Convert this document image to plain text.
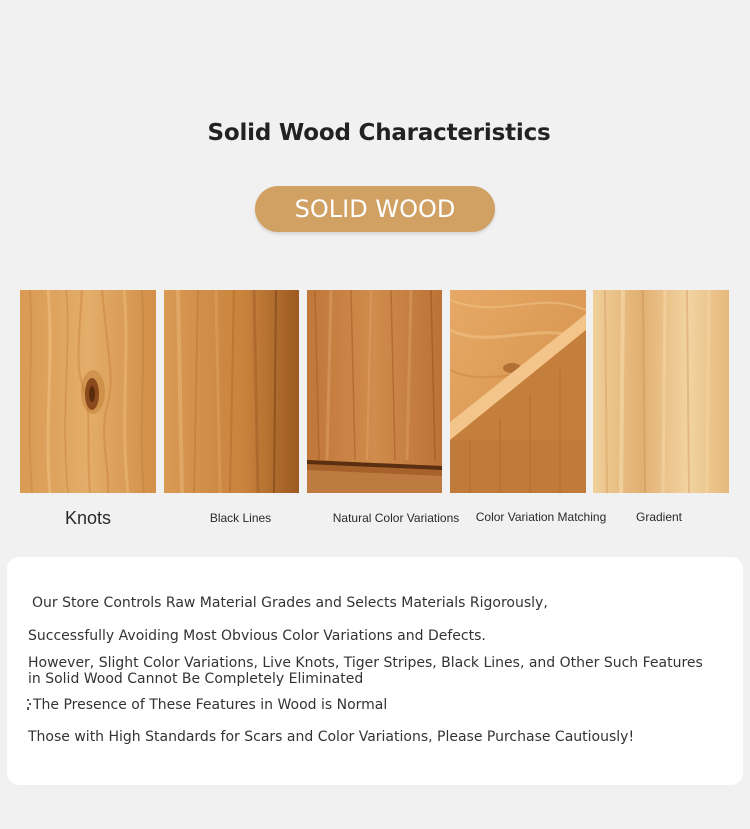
Solid Wood Characteristics
SOLID WOOD
Knots	Black Lines	Natural Color Variations	Color Variation Matching	Gradient

Our Store Controls Raw Material Grades and Selects Materials Rigorously,

Successfully Avoiding Most Obvious Color Variations and Defects.

However, Slight Color Variations, Live Knots, Tiger Stripes, Black Lines, and Other Such Features in Solid Wood Cannot Be Completely Eliminated

The Presence of These Features in Wood is Normal

Those with High Standards for Scars and Color Variations, Please Purchase Cautiously!
